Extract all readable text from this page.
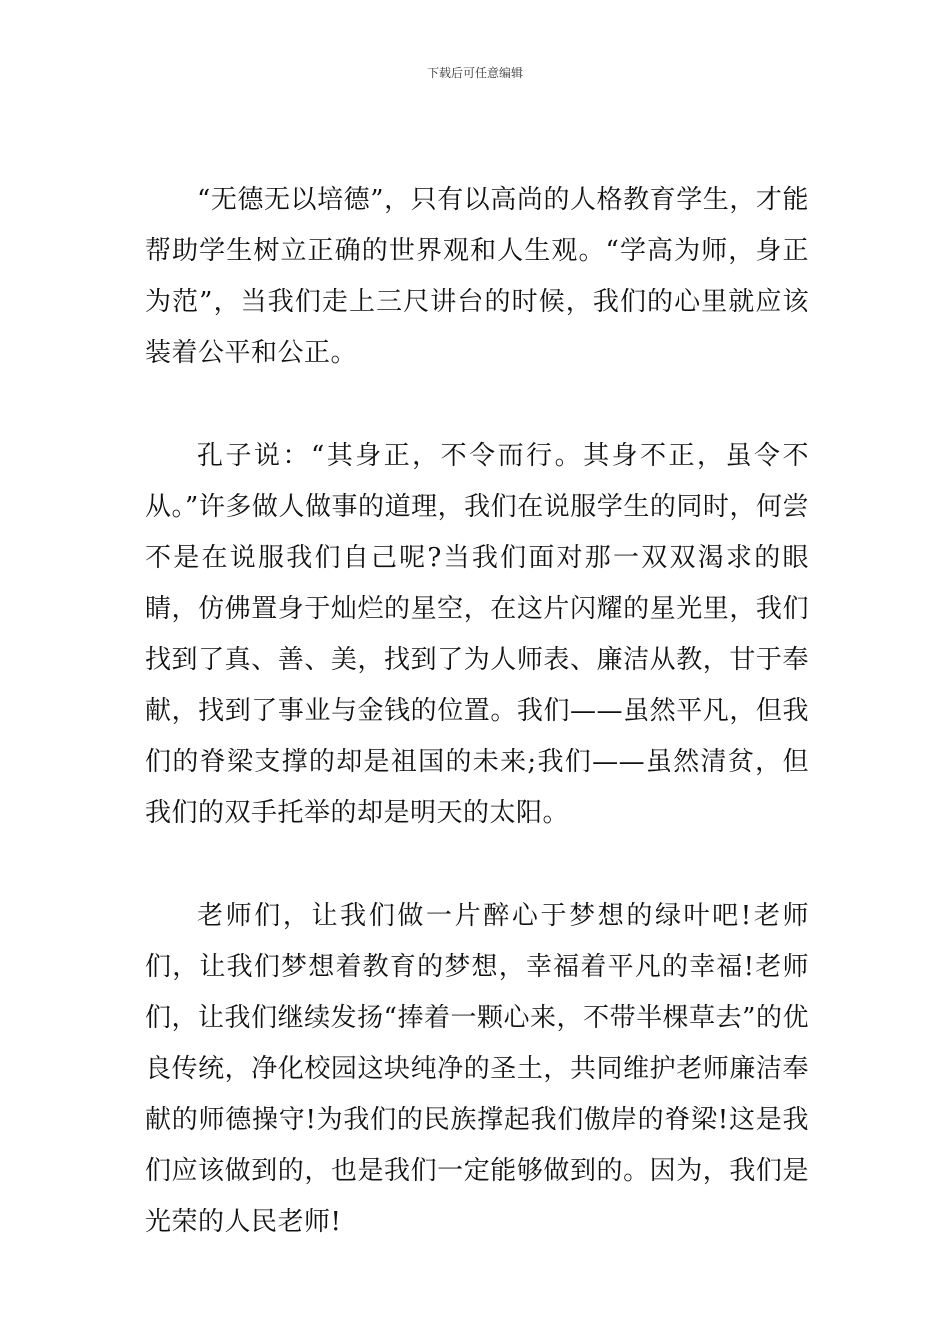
下载后可任意编辑

“无德无以培德”，只有以高尚的人格教育学生，才能帮助学生树立正确的世界观和人生观。“学高为师，身正为范”，当我们走上三尺讲台的时候，我们的心里就应该装着公平和公正。

孔子说：“其身正，不令而行。其身不正，虽令不从。”许多做人做事的道理，我们在说服学生的同时，何尝不是在说服我们自己呢?当我们面对那一双双渴求的眼睛，仿佛置身于灿烂的星空，在这片闪耀的星光里，我们找到了真、善、美，找到了为人师表、廉洁从教，甘于奉献，找到了事业与金钱的位置。我们——虽然平凡，但我们的脊梁支撑的却是祖国的未来;我们——虽然清贫，但我们的双手托举的却是明天的太阳。

老师们，让我们做一片醉心于梦想的绿叶吧!老师们，让我们梦想着教育的梦想，幸福着平凡的幸福!老师们，让我们继续发扬“捧着一颗心来，不带半棵草去”的优良传统，净化校园这块纯净的圣土，共同维护老师廉洁奉献的师德操守!为我们的民族撑起我们傲岸的脊梁!这是我们应该做到的，也是我们一定能够做到的。因为，我们是光荣的人民老师!
